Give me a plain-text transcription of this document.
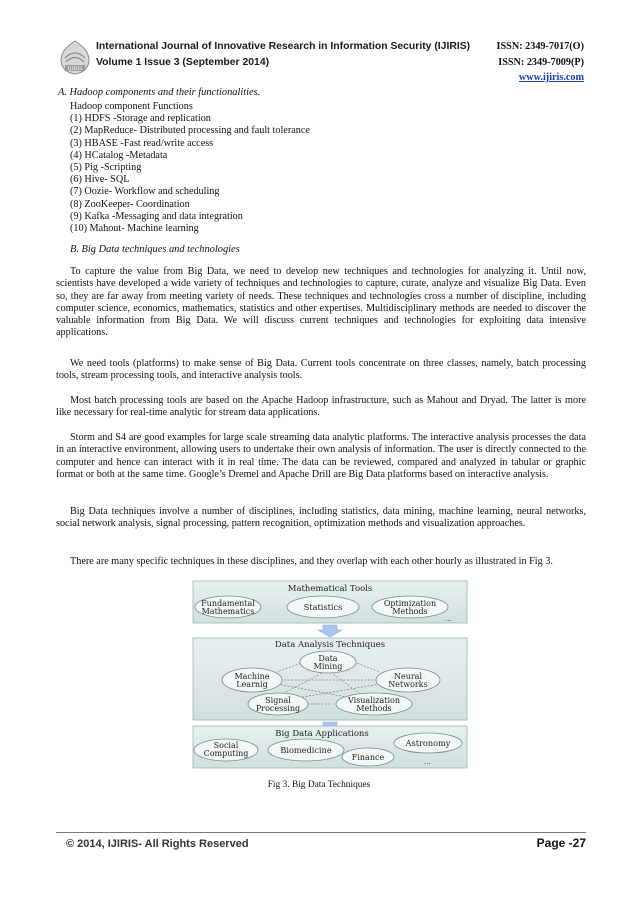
IJIRIS
International Journal of Innovative Research in Information Security (IJIRIS)
Volume 1 Issue 3 (September 2014)
ISSN: 2349-7017(O)
ISSN: 2349-7009(P)
www.ijiris.com
A. Hadoop components and their functionalities.
Hadoop component Functions
(1) HDFS -Storage and replication
(2) MapReduce- Distributed processing and fault tolerance
(3) HBASE -Fast read/write access
(4) HCatalog -Metadata
(5) Pig -Scripting
(6) Hive- SQL
(7) Oozie- Workflow and scheduling
(8) ZooKeeper- Coordination
(9) Kafka -Messaging and data integration
(10) Mahout- Machine learning
B. Big Data techniques and technologies
To capture the value from Big Data, we need to develop new techniques and technologies for analyzing it. Until now, scientists have developed a wide variety of techniques and technologies to capture, curate, analyze and visualize Big Data. Even so, they are far away from meeting variety of needs. These techniques and technologies cross a number of discipline, including computer science, economics, mathematics, statistics and other expertises. Multidisciplinary methods are needed to discover the valuable information from Big Data. We will discuss current techniques and technologies for exploiting data intensive applications.
We need tools (platforms) to make sense of Big Data. Current tools concentrate on three classes, namely, batch processing tools, stream processing tools, and interactive analysis tools.
Most batch processing tools are based on the Apache Hadoop infrastructure, such as Mahout and Dryad. The latter is more like necessary for real-time analytic for stream data applications.
Storm and S4 are good examples for large scale streaming data analytic platforms. The interactive analysis processes the data in an interactive environment, allowing users to undertake their own analysis of information. The user is directly connected to the computer and hence can interact with it in real time. The data can be reviewed, compared and analyzed in tabular or graphic format or both at the same time. Google’s Dremel and Apache Drill are Big Data platforms based on interactive analysis.
Big Data techniques involve a number of disciplines, including statistics, data mining, machine learning, neural networks, social network analysis, signal processing, pattern recognition, optimization methods and visualization approaches.
There are many specific techniques in these disciplines, and they overlap with each other hourly as illustrated in Fig 3.
Mathematical Tools
Fundamental
Mathematics	Statistics	Optimization
Methods
...
Data Analysis Techniques
Data
Mining
Machine
Learnig
Neural
Networks
Signal
Processing
Visualization
Methods
Big Data Applications
Social
Computing	Biomedicine
Finance
Astronomy
...
Fig 3. Big Data Techniques
© 2014, IJIRIS- All Rights Reserved	Page -27
